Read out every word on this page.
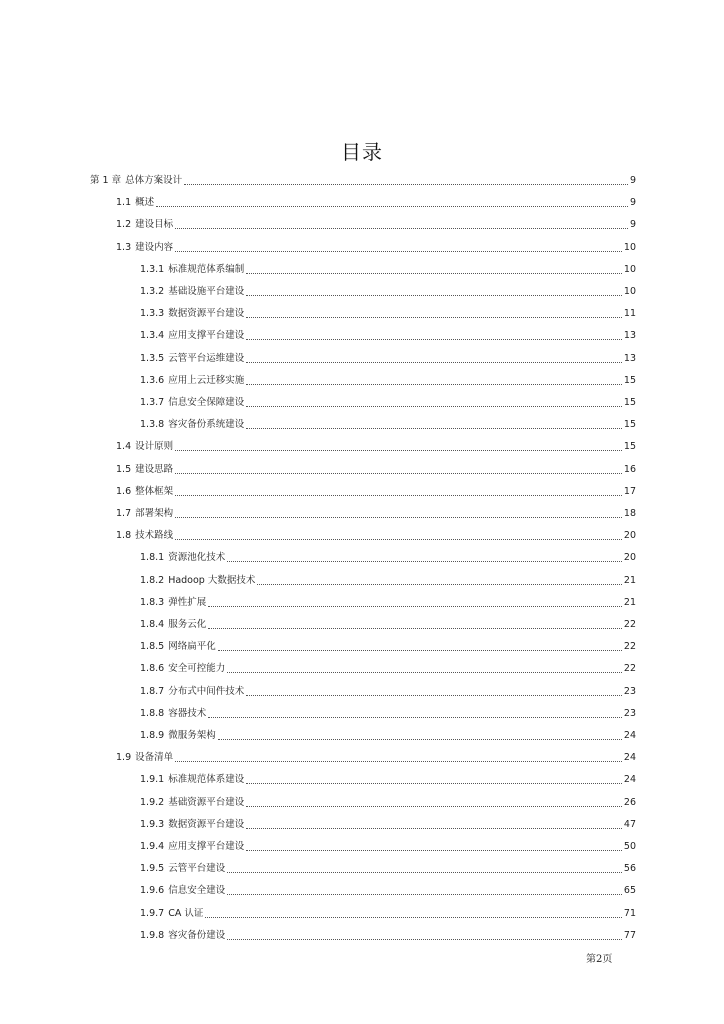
目录
第 1 章 总体方案设计	9
1.1 概述	9
1.2 建设目标	9
1.3 建设内容	10
1.3.1 标准规范体系编制	10
1.3.2 基础设施平台建设	10
1.3.3 数据资源平台建设	11
1.3.4 应用支撑平台建设	13
1.3.5 云管平台运维建设	13
1.3.6 应用上云迁移实施	15
1.3.7 信息安全保障建设	15
1.3.8 容灾备份系统建设	15
1.4 设计原则	15
1.5 建设思路	16
1.6 整体框架	17
1.7 部署架构	18
1.8 技术路线	20
1.8.1 资源池化技术	20
1.8.2 Hadoop 大数据技术	21
1.8.3 弹性扩展	21
1.8.4 服务云化	22
1.8.5 网络扁平化	22
1.8.6 安全可控能力	22
1.8.7 分布式中间件技术	23
1.8.8 容器技术	23
1.8.9 微服务架构	24
1.9 设备清单	24
1.9.1 标准规范体系建设	24
1.9.2 基础资源平台建设	26
1.9.3 数据资源平台建设	47
1.9.4 应用支撑平台建设	50
1.9.5 云管平台建设	56
1.9.6 信息安全建设	65
1.9.7 CA 认证	71
1.9.8 容灾备份建设	77
第2页
